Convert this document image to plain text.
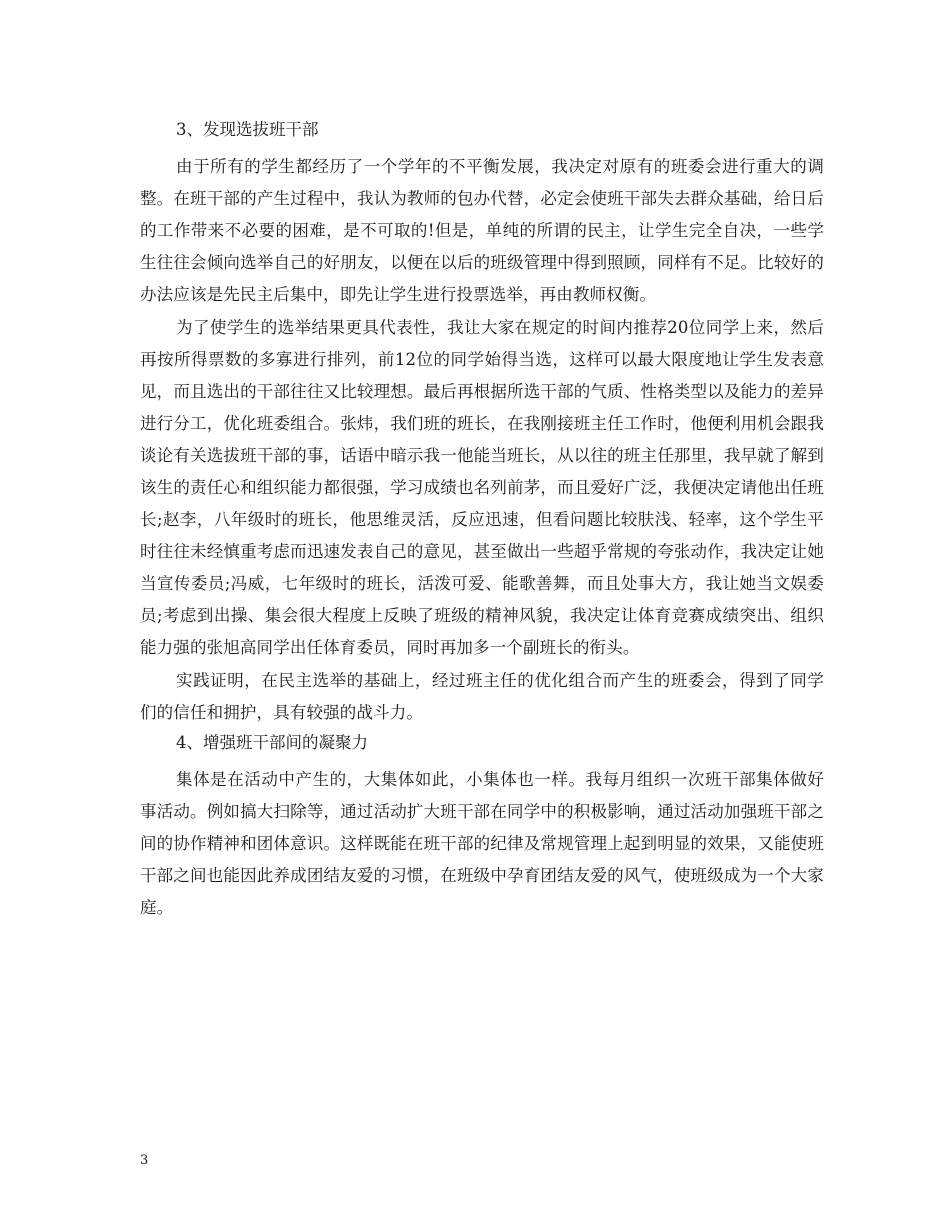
3、发现选拔班干部

由于所有的学生都经历了一个学年的不平衡发展，我决定对原有的班委会进行重大的调整。在班干部的产生过程中，我认为教师的包办代替，必定会使班干部失去群众基础，给日后的工作带来不必要的困难，是不可取的!但是，单纯的所谓的民主，让学生完全自决，一些学生往往会倾向选举自己的好朋友，以便在以后的班级管理中得到照顾，同样有不足。比较好的办法应该是先民主后集中，即先让学生进行投票选举，再由教师权衡。

为了使学生的选举结果更具代表性，我让大家在规定的时间内推荐20位同学上来，然后再按所得票数的多寡进行排列，前12位的同学始得当选，这样可以最大限度地让学生发表意见，而且选出的干部往往又比较理想。最后再根据所选干部的气质、性格类型以及能力的差异进行分工，优化班委组合。张炜，我们班的班长，在我刚接班主任工作时，他便利用机会跟我谈论有关选拔班干部的事，话语中暗示我一他能当班长，从以往的班主任那里，我早就了解到该生的责任心和组织能力都很强，学习成绩也名列前茅，而且爱好广泛，我便决定请他出任班长;赵李，八年级时的班长，他思维灵活，反应迅速，但看问题比较肤浅、轻率，这个学生平时往往未经慎重考虑而迅速发表自己的意见，甚至做出一些超乎常规的夸张动作，我决定让她当宣传委员;冯威，七年级时的班长，活泼可爱、能歌善舞，而且处事大方，我让她当文娱委员;考虑到出操、集会很大程度上反映了班级的精神风貌，我决定让体育竞赛成绩突出、组织能力强的张旭高同学出任体育委员，同时再加多一个副班长的衔头。

实践证明，在民主选举的基础上，经过班主任的优化组合而产生的班委会，得到了同学们的信任和拥护，具有较强的战斗力。

4、增强班干部间的凝聚力

集体是在活动中产生的，大集体如此，小集体也一样。我每月组织一次班干部集体做好事活动。例如搞大扫除等，通过活动扩大班干部在同学中的积极影响，通过活动加强班干部之间的协作精神和团体意识。这样既能在班干部的纪律及常规管理上起到明显的效果，又能使班干部之间也能因此养成团结友爱的习惯，在班级中孕育团结友爱的风气，使班级成为一个大家庭。

3
